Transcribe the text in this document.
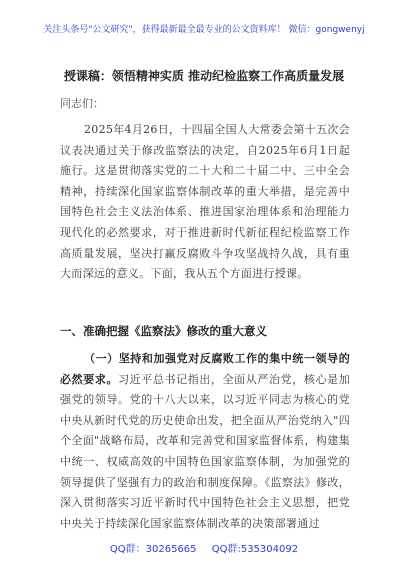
关注头条号"公文研究"，获得最新最全最专业的公文资料库！ 微信：gongwenyj
授课稿：领悟精神实质 推动纪检监察工作高质量发展
同志们：
2025年4月26日，十四届全国人大常委会第十五次会议表决通过关于修改监察法的决定，自2025年6月1日起施行。这是贯彻落实党的二十大和二十届二中、三中全会精神，持续深化国家监察体制改革的重大举措，是完善中国特色社会主义法治体系、推进国家治理体系和治理能力现代化的必然要求，对于推进新时代新征程纪检监察工作高质量发展，坚决打赢反腐败斗争攻坚战持久战，具有重大而深远的意义。下面，我从五个方面进行授课。
一、准确把握《监察法》修改的重大意义
（一）坚持和加强党对反腐败工作的集中统一领导的必然要求。习近平总书记指出，全面从严治党，核心是加强党的领导。党的十八大以来，以习近平同志为核心的党中央从新时代党的历史使命出发，把全面从严治党纳入"四个全面"战略布局，改革和完善党和国家监督体系，构建集中统一、权威高效的中国特色国家监察体制，为加强党的领导提供了坚强有力的政治和制度保障。《监察法》修改，深入贯彻落实习近平新时代中国特色社会主义思想，把党中央关于持续深化国家监察体制改革的决策部署通过
QQ群：30265665 QQ群:535304092
